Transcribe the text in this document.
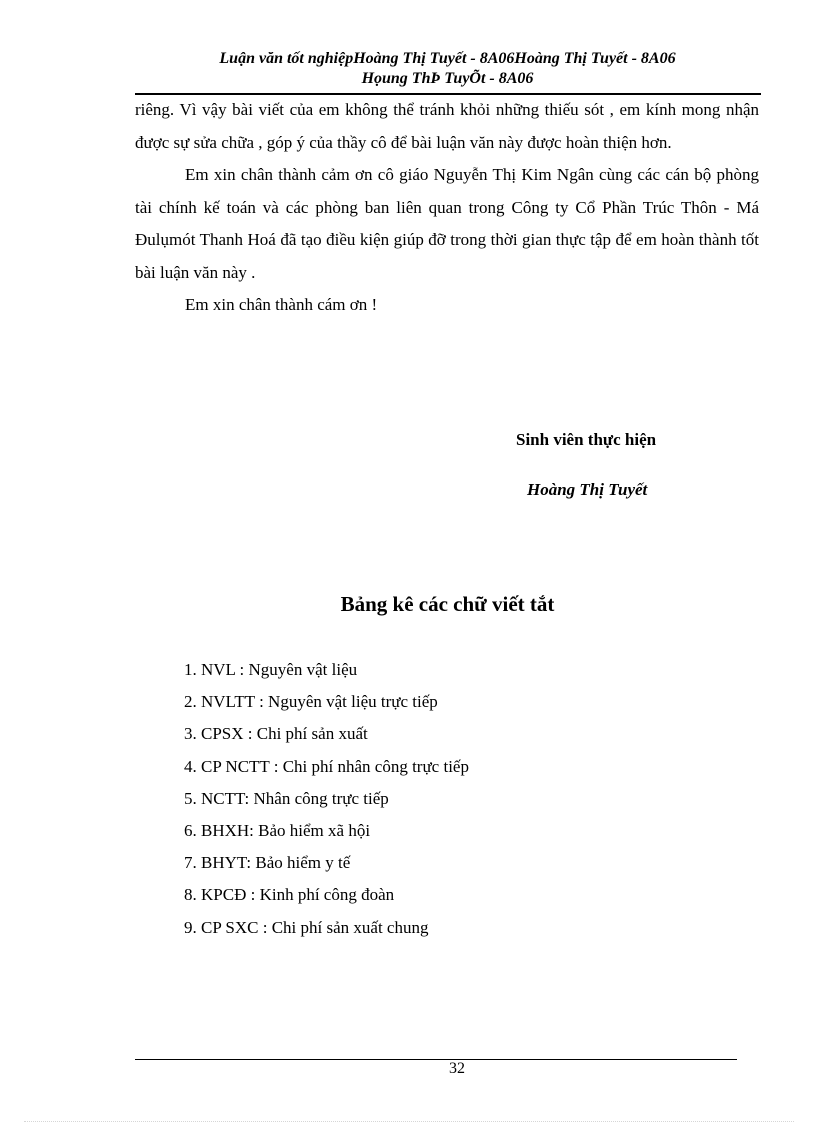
Luận văn tốt nghiệpHoàng Thị Tuyết - 8A06Hoàng Thị Tuyết - 8A06
Họung ThÞ TuyÕt - 8A06

riêng. Vì vậy bài viết của em không thể tránh khỏi những thiếu sót , em kính mong nhận được sự sửa chữa , góp ý của thầy cô để bài luận văn này được hoàn thiện hơn.

Em xin chân thành cảm ơn cô giáo Nguyễn Thị Kim Ngân cùng các cán bộ phòng tài chính kế toán và các phòng ban liên quan trong Công ty Cổ Phần Trúc Thôn - Má Đulụmót Thanh Hoá đã tạo điều kiện giúp đỡ trong thời gian thực tập để em hoàn thành tốt bài luận văn này .

Em xin chân thành cám ơn !

Sinh viên thực hiện
Hoàng Thị Tuyết
Bảng kê các chữ viết tắt
1. NVL : Nguyên vật liệu
2. NVLTT : Nguyên vật liệu trực tiếp
3. CPSX : Chi phí sản xuất
4. CP NCTT : Chi phí nhân công trực tiếp
5. NCTT: Nhân công trực tiếp
6. BHXH: Bảo hiểm xã hội
7. BHYT: Bảo hiểm y tế
8. KPCĐ : Kinh phí công đoàn
9. CP SXC : Chi phí sản xuất chung
32
